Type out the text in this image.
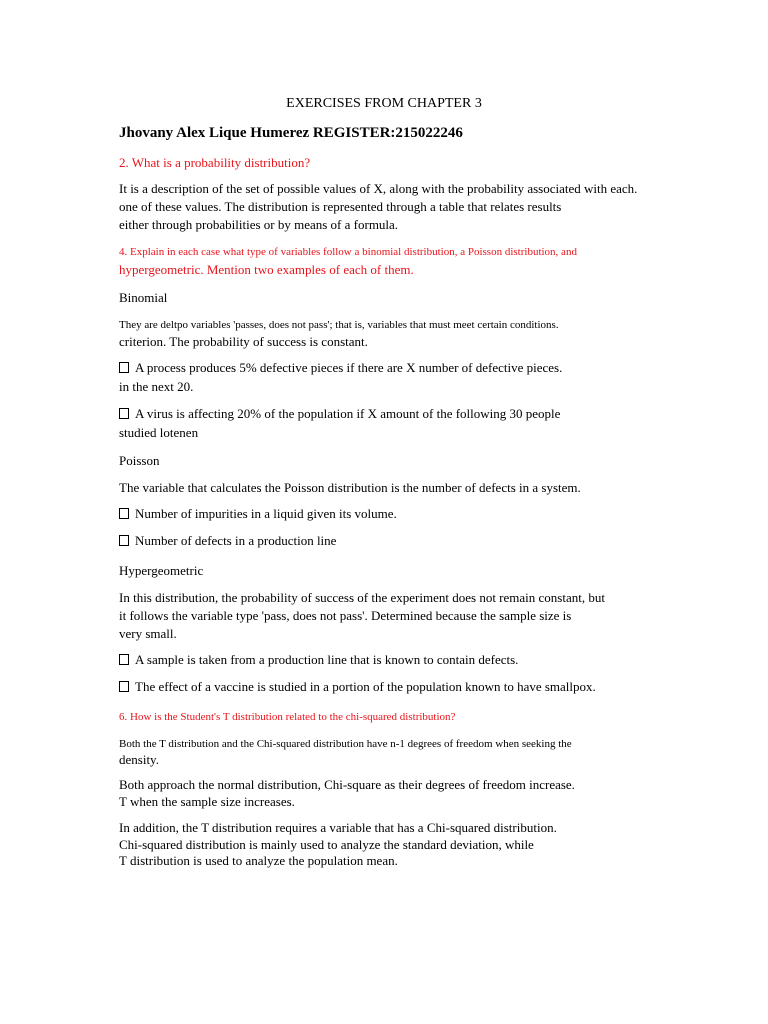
EXERCISES FROM CHAPTER 3
Jhovany Alex Lique Humerez REGISTER:215022246
2. What is a probability distribution?
It is a description of the set of possible values of X, along with the probability associated with each.
one of these values. The distribution is represented through a table that relates results
either through probabilities or by means of a formula.
4. Explain in each case what type of variables follow a binomial distribution, a Poisson distribution, and
hypergeometric. Mention two examples of each of them.
Binomial
They are deltpo variables 'passes, does not pass'; that is, variables that must meet certain conditions.
criterion. The probability of success is constant.
A process produces 5% defective pieces if there are X number of defective pieces.
in the next 20.
A virus is affecting 20% of the population if X amount of the following 30 people
studied lotenen
Poisson
The variable that calculates the Poisson distribution is the number of defects in a system.
Number of impurities in a liquid given its volume.
Number of defects in a production line
Hypergeometric
In this distribution, the probability of success of the experiment does not remain constant, but
it follows the variable type 'pass, does not pass'. Determined because the sample size is
very small.
A sample is taken from a production line that is known to contain defects.
The effect of a vaccine is studied in a portion of the population known to have smallpox.
6. How is the Student's T distribution related to the chi-squared distribution?
Both the T distribution and the Chi-squared distribution have n-1 degrees of freedom when seeking the
density.
Both approach the normal distribution, Chi-square as their degrees of freedom increase.
T when the sample size increases.
In addition, the T distribution requires a variable that has a Chi-squared distribution.
Chi-squared distribution is mainly used to analyze the standard deviation, while
T distribution is used to analyze the population mean.
